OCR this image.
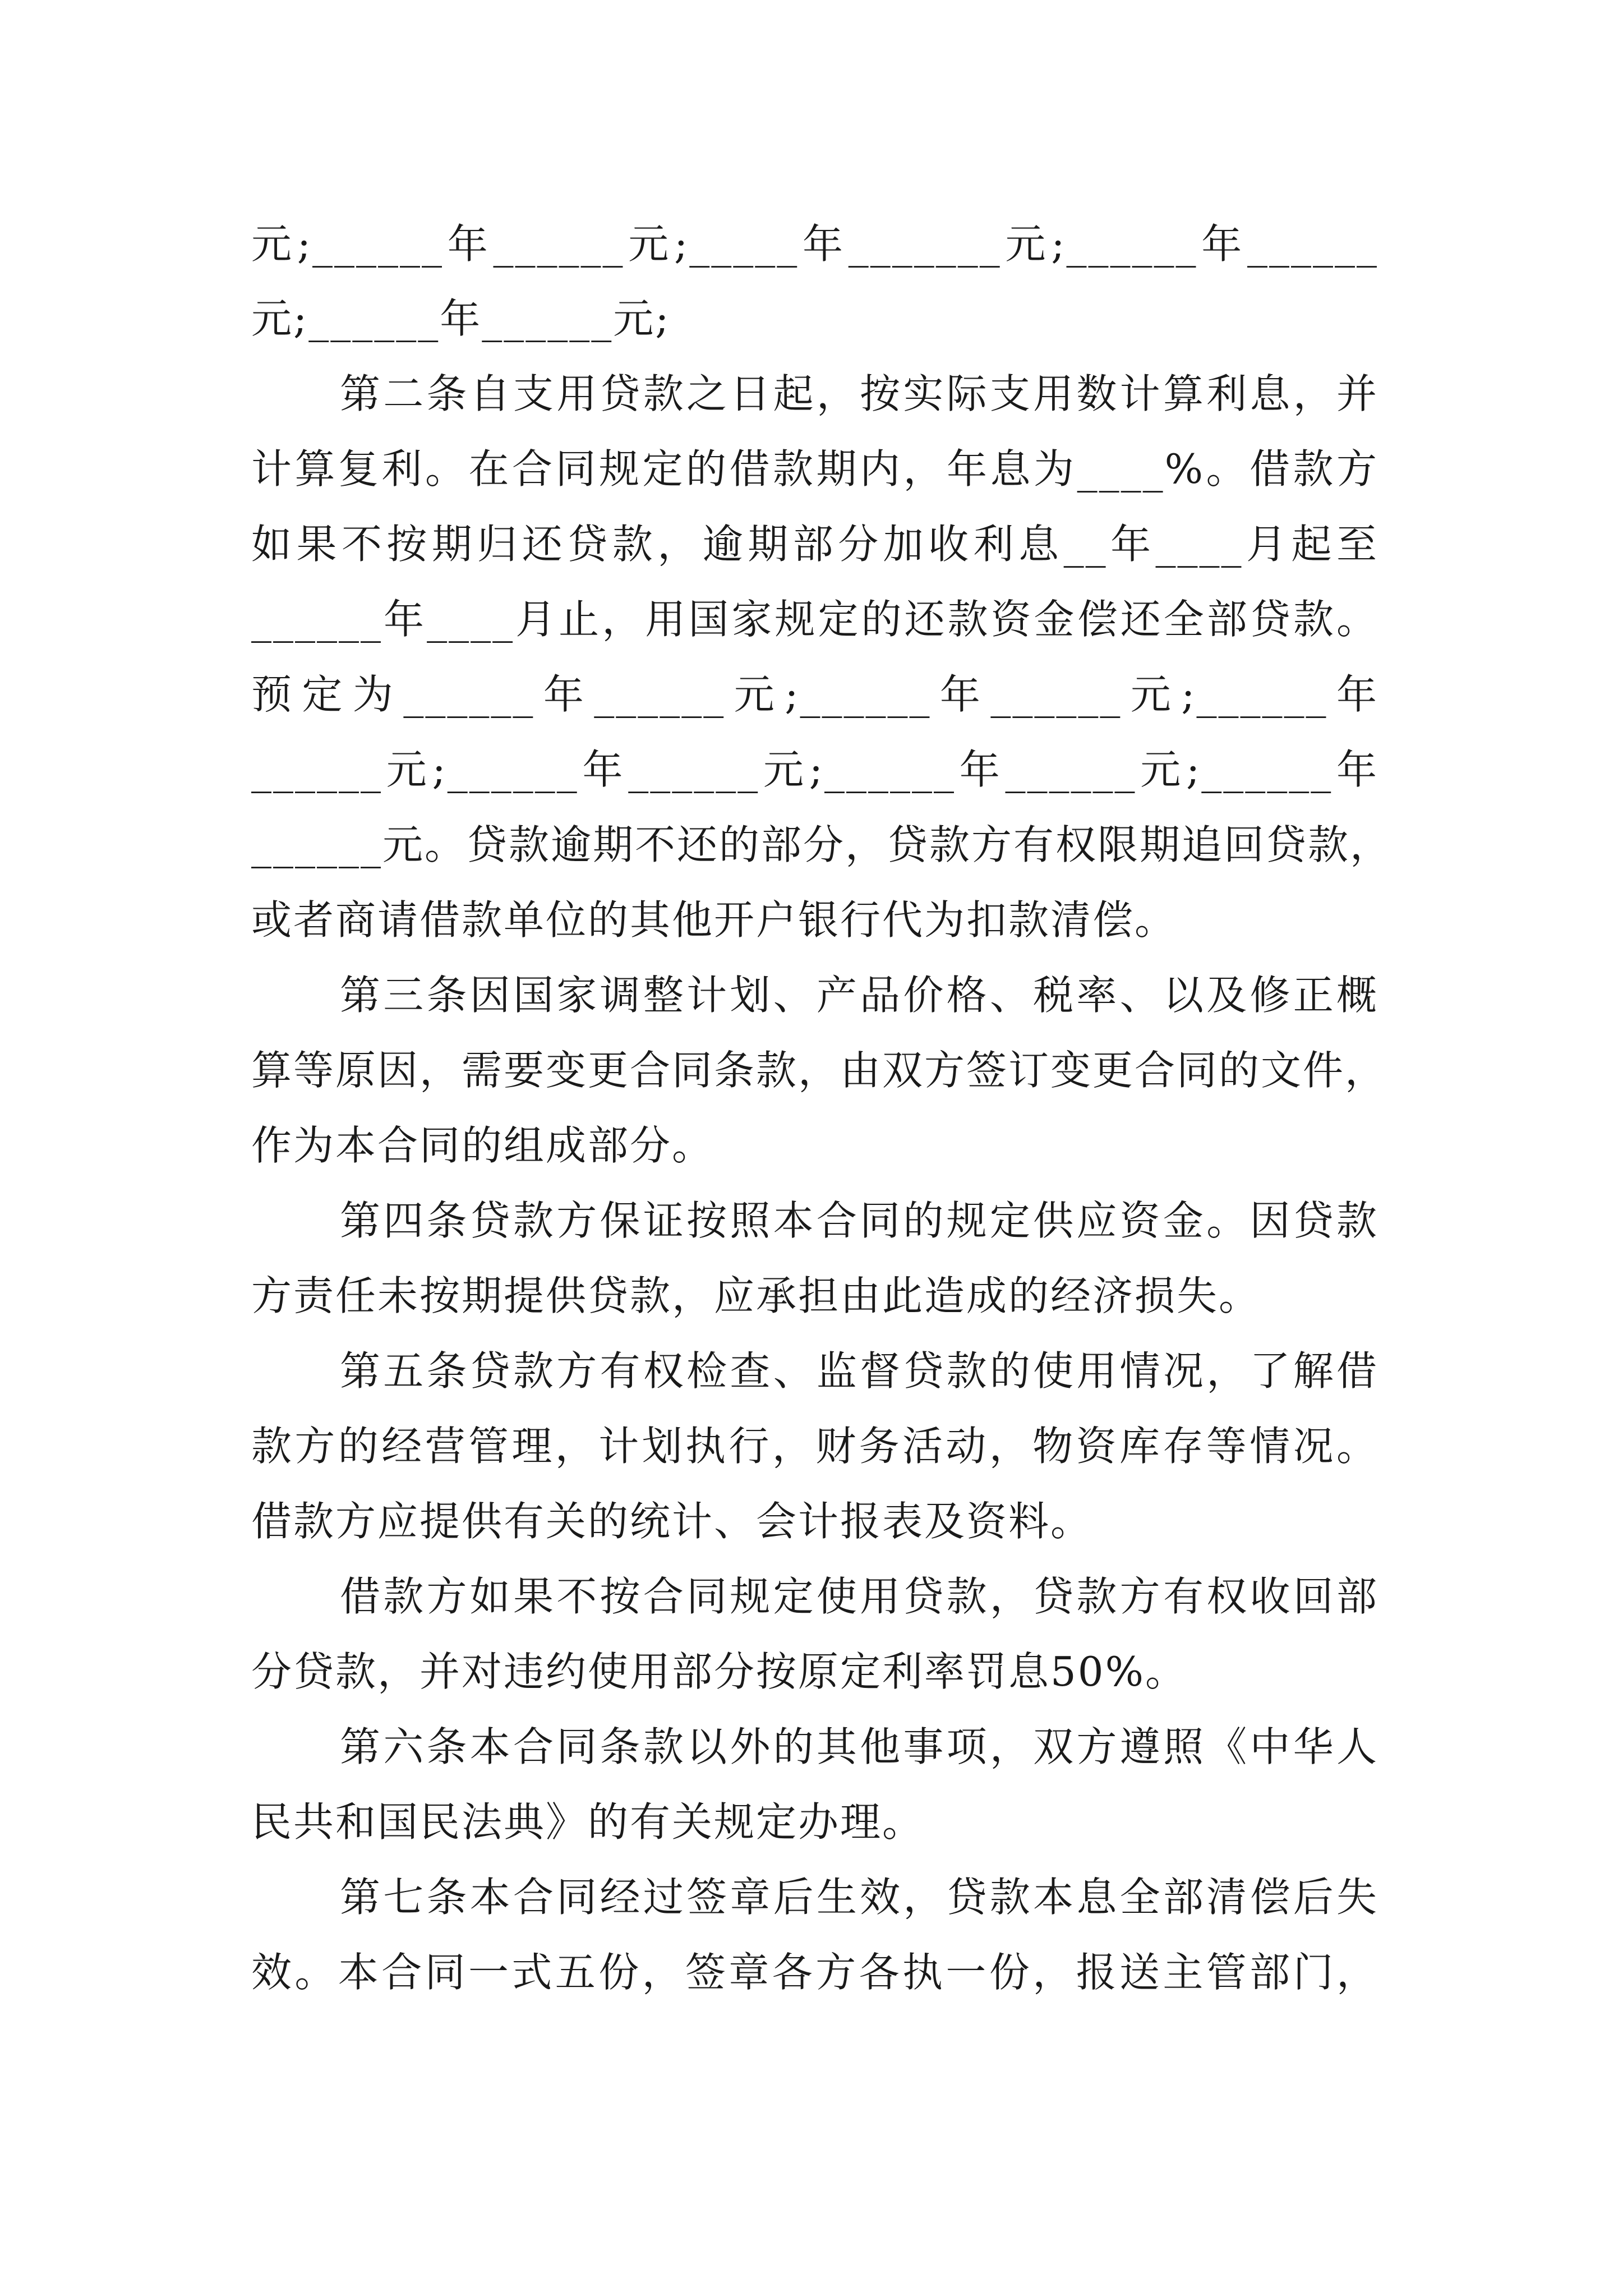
元;______年______元;_____年_______元;______年______
元;______年______元;
第二条自支用贷款之日起，按实际支用数计算利息，并
计算复利。在合同规定的借款期内，年息为____%。借款方
如果不按期归还贷款，逾期部分加收利息__年____月起至
______年____月止，用国家规定的还款资金偿还全部贷款。
预定为______年______元;______年______元;______年
______元;______年______元;______年______元;______年
______元。贷款逾期不还的部分，贷款方有权限期追回贷款，
或者商请借款单位的其他开户银行代为扣款清偿。
第三条因国家调整计划、产品价格、税率、以及修正概
算等原因，需要变更合同条款，由双方签订变更合同的文件，
作为本合同的组成部分。
第四条贷款方保证按照本合同的规定供应资金。因贷款
方责任未按期提供贷款，应承担由此造成的经济损失。
第五条贷款方有权检查、监督贷款的使用情况，了解借
款方的经营管理，计划执行，财务活动，物资库存等情况。
借款方应提供有关的统计、会计报表及资料。
借款方如果不按合同规定使用贷款，贷款方有权收回部
分贷款，并对违约使用部分按原定利率罚息50%。
第六条本合同条款以外的其他事项，双方遵照《中华人
民共和国民法典》的有关规定办理。
第七条本合同经过签章后生效，贷款本息全部清偿后失
效。本合同一式五份，签章各方各执一份，报送主管部门，
